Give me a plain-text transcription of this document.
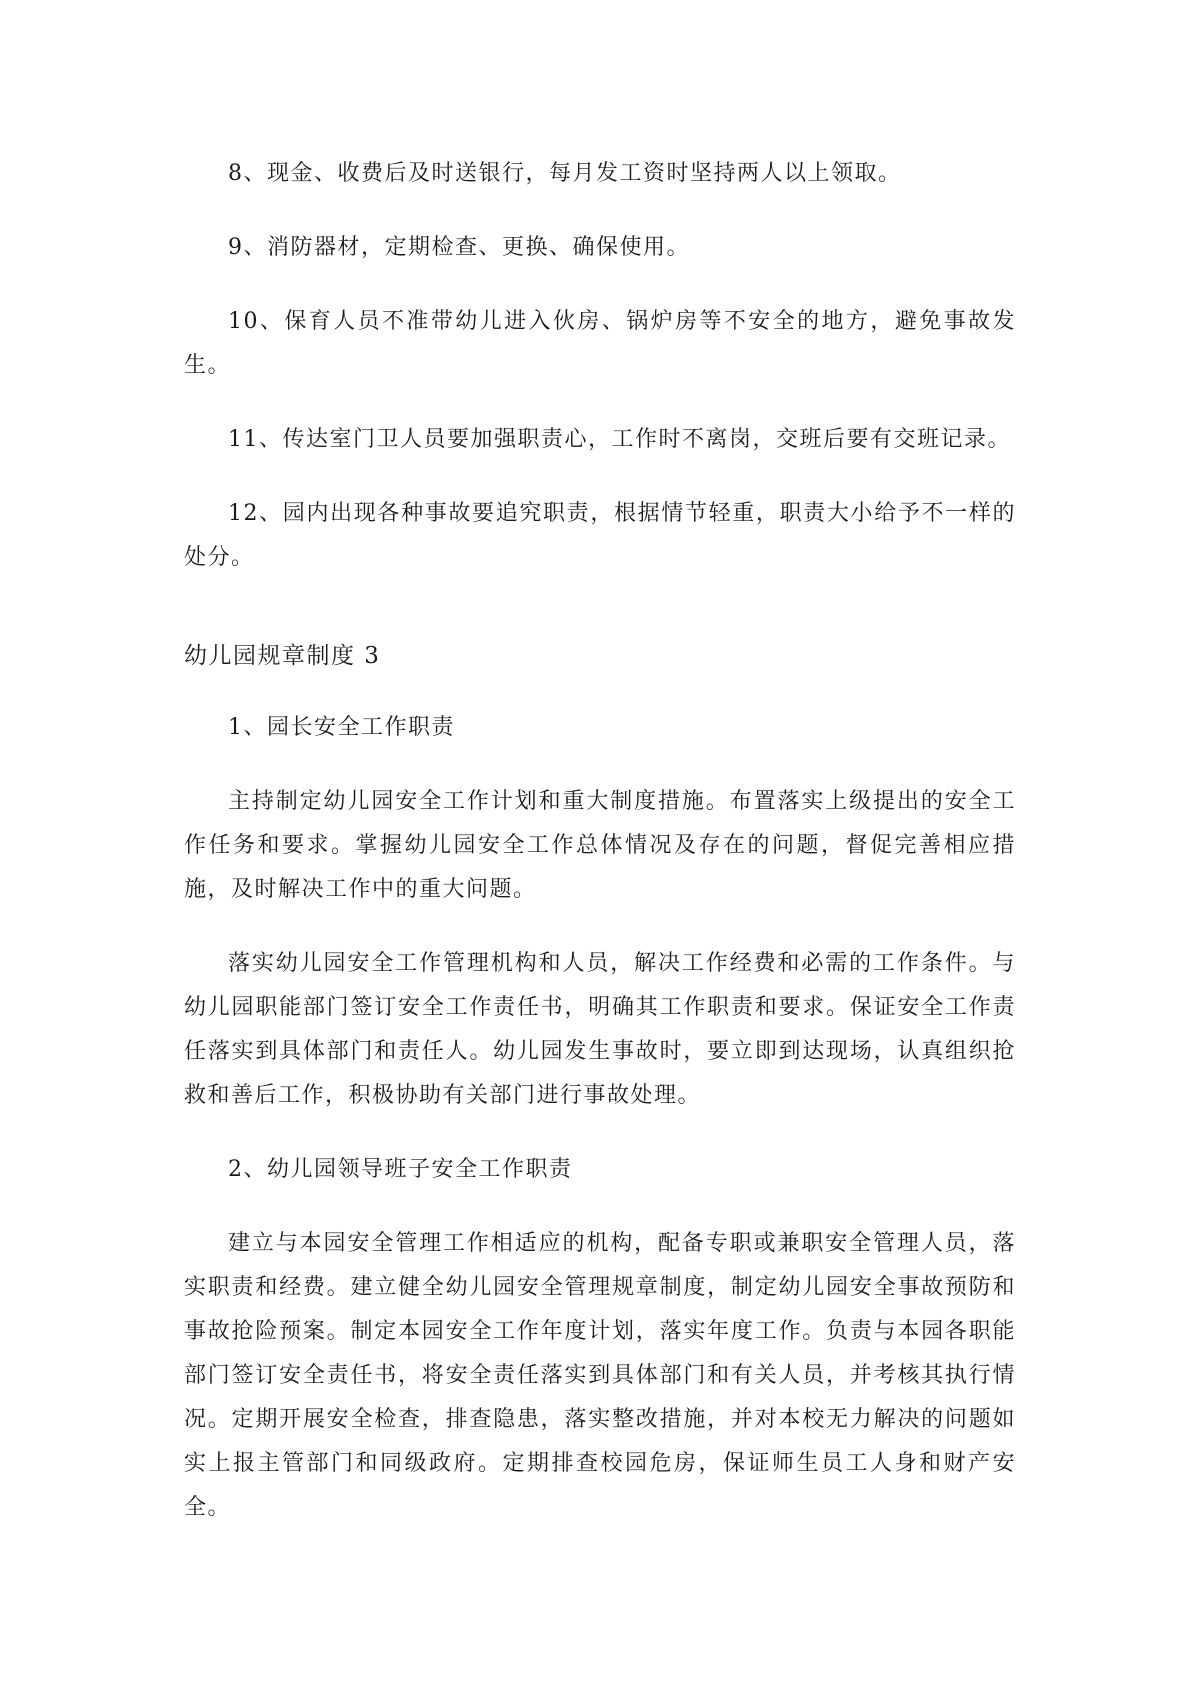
8、现金、收费后及时送银行，每月发工资时坚持两人以上领取。

9、消防器材，定期检查、更换、确保使用。

10、保育人员不准带幼儿进入伙房、锅炉房等不安全的地方，避免事故发生。

11、传达室门卫人员要加强职责心，工作时不离岗，交班后要有交班记录。

12、园内出现各种事故要追究职责，根据情节轻重，职责大小给予不一样的处分。

幼儿园规章制度 3
1、园长安全工作职责

主持制定幼儿园安全工作计划和重大制度措施。布置落实上级提出的安全工作任务和要求。掌握幼儿园安全工作总体情况及存在的问题，督促完善相应措施，及时解决工作中的重大问题。

落实幼儿园安全工作管理机构和人员，解决工作经费和必需的工作条件。与幼儿园职能部门签订安全工作责任书，明确其工作职责和要求。保证安全工作责任落实到具体部门和责任人。幼儿园发生事故时，要立即到达现场，认真组织抢救和善后工作，积极协助有关部门进行事故处理。

2、幼儿园领导班子安全工作职责

建立与本园安全管理工作相适应的机构，配备专职或兼职安全管理人员，落实职责和经费。建立健全幼儿园安全管理规章制度，制定幼儿园安全事故预防和事故抢险预案。制定本园安全工作年度计划，落实年度工作。负责与本园各职能部门签订安全责任书，将安全责任落实到具体部门和有关人员，并考核其执行情况。定期开展安全检查，排查隐患，落实整改措施，并对本校无力解决的问题如实上报主管部门和同级政府。定期排查校园危房，保证师生员工人身和财产安全。
